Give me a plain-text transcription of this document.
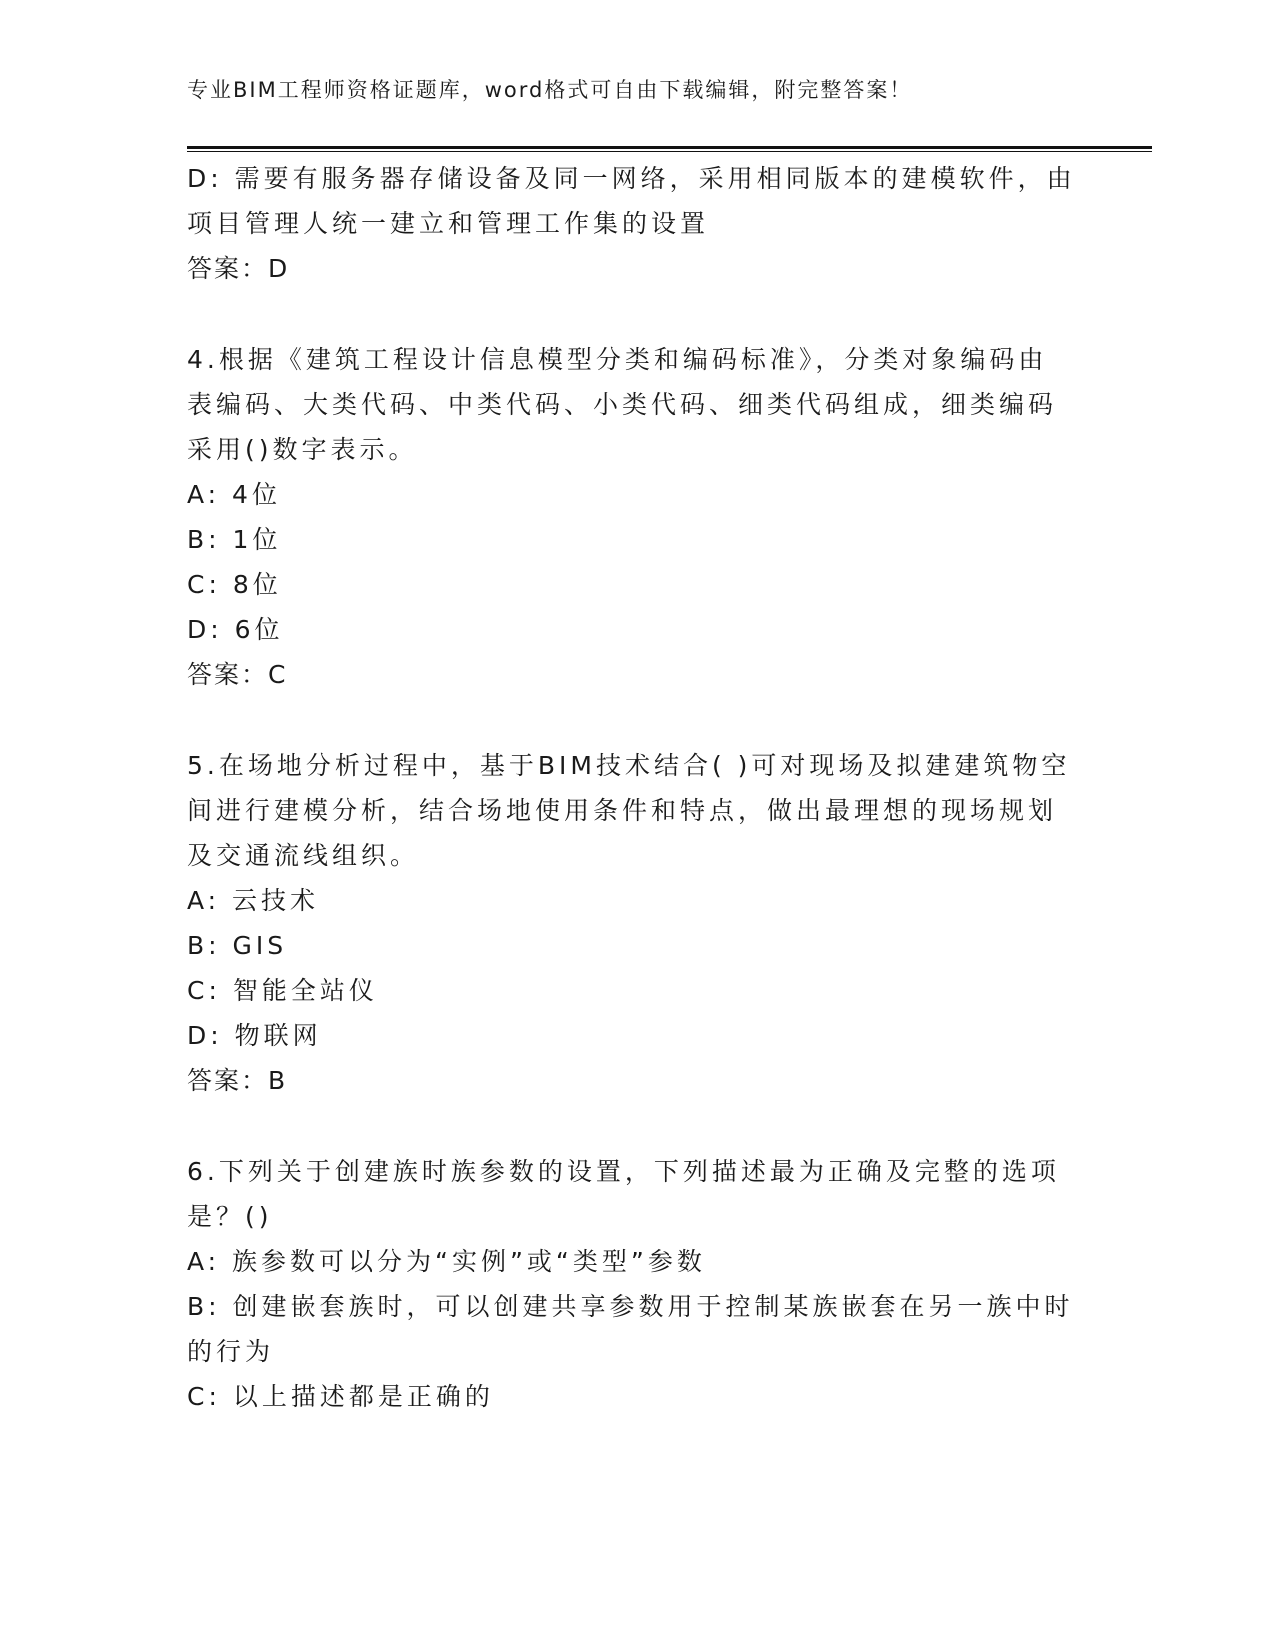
专业BIM工程师资格证题库，word格式可自由下载编辑，附完整答案！

D: 需要有服务器存储设备及同一网络，采用相同版本的建模软件，由

项目管理人统一建立和管理工作集的设置

答案：D

4.根据《建筑工程设计信息模型分类和编码标准》，分类对象编码由

表编码、大类代码、中类代码、小类代码、细类代码组成，细类编码

采用()数字表示。

A: 4位

B: 1位

C: 8位

D: 6位

答案：C

5.在场地分析过程中，基于BIM技术结合( )可对现场及拟建建筑物空

间进行建模分析，结合场地使用条件和特点，做出最理想的现场规划

及交通流线组织。

A: 云技术

B: GIS

C: 智能全站仪

D: 物联网

答案：B

6.下列关于创建族时族参数的设置，下列描述最为正确及完整的选项

是？()

A: 族参数可以分为“实例”或“类型”参数

B: 创建嵌套族时，可以创建共享参数用于控制某族嵌套在另一族中时

的行为

C: 以上描述都是正确的
